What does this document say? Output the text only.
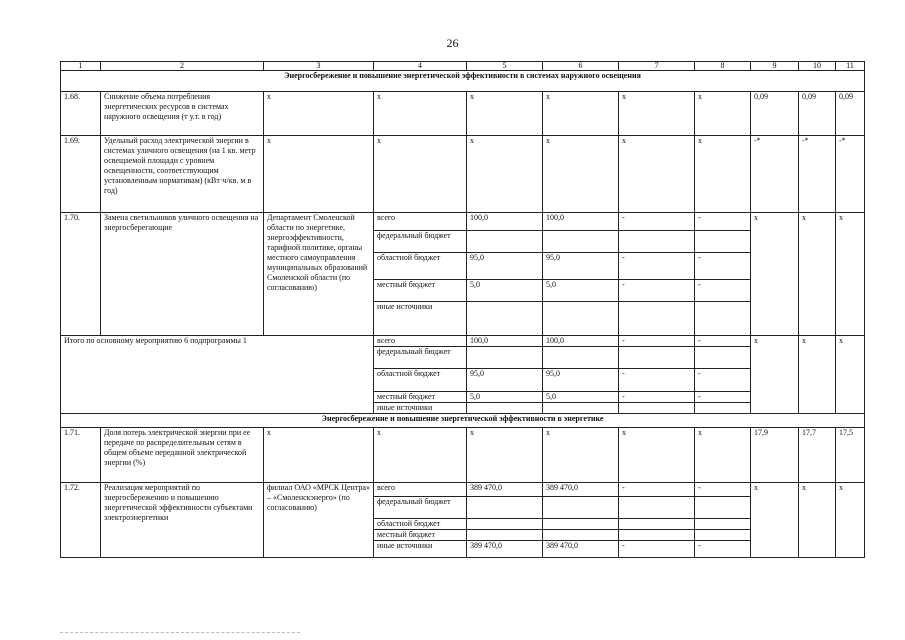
26
1	2	3	4	5	6	7	8	9	10	11
Энергосбережение и повышение энергетической эффективности в системах наружного освещения										
1.68.	Снижение объема потребления энергетических ресурсов в системах наружного освещения (т у.т. в год)	х	х	х	х	х	х	0,09	0,09	0,09
1.69.	Удельный расход электрической энергии в системах уличного освещения (на 1 кв. метр освещаемой площади с уровнем освещенности, соответствующим установленным нормативам) (кВт·ч/кв. м в год)	х	х	х	х	х	х	-*	-*	-*
1.70.	Замена светильников уличного освещения на энергосберегающие	Департамент Смоленской области по энергетике, энергоэффективности, тарифной политике, органы местного самоуправления муниципальных образований Смоленской области (по согласованию)	всего	100,0	100,0	-	-	х	х	х
			федеральный бюджет							
			областной бюджет	95,0	95,0	-	-			
			местный бюджет	5,0	5,0	-	-			
			иные источники							
Итого по основному мероприятию 6 подпрограммы 1			всего	100,0	100,0	-	-	х	х	х
			федеральный бюджет							
			областной бюджет	95,0	95,0	-	-			
			местный бюджет	5,0	5,0	-	-			
			иные источники							
Энергосбережение и повышение энергетической эффективности в энергетике										
1.71.	Доля потерь электрической энергии при ее передаче по распределительным сетям в общем объеме переданной электрической энергии (%)	х	х	х	х	х	х	17,9	17,7	17,5
1.72.	Реализация мероприятий по энергосбережению и повышению энергетической эффективности субъектами электроэнергетики	филиал ОАО «МРСК Центра» – «Смоленскэнерго» (по согласованию)	всего	389 470,0	389 470,0	-	-	х	х	х
			федеральный бюджет							
			областной бюджет							
			местный бюджет							
			иные источники	389 470,0	389 470,0	-	-			
